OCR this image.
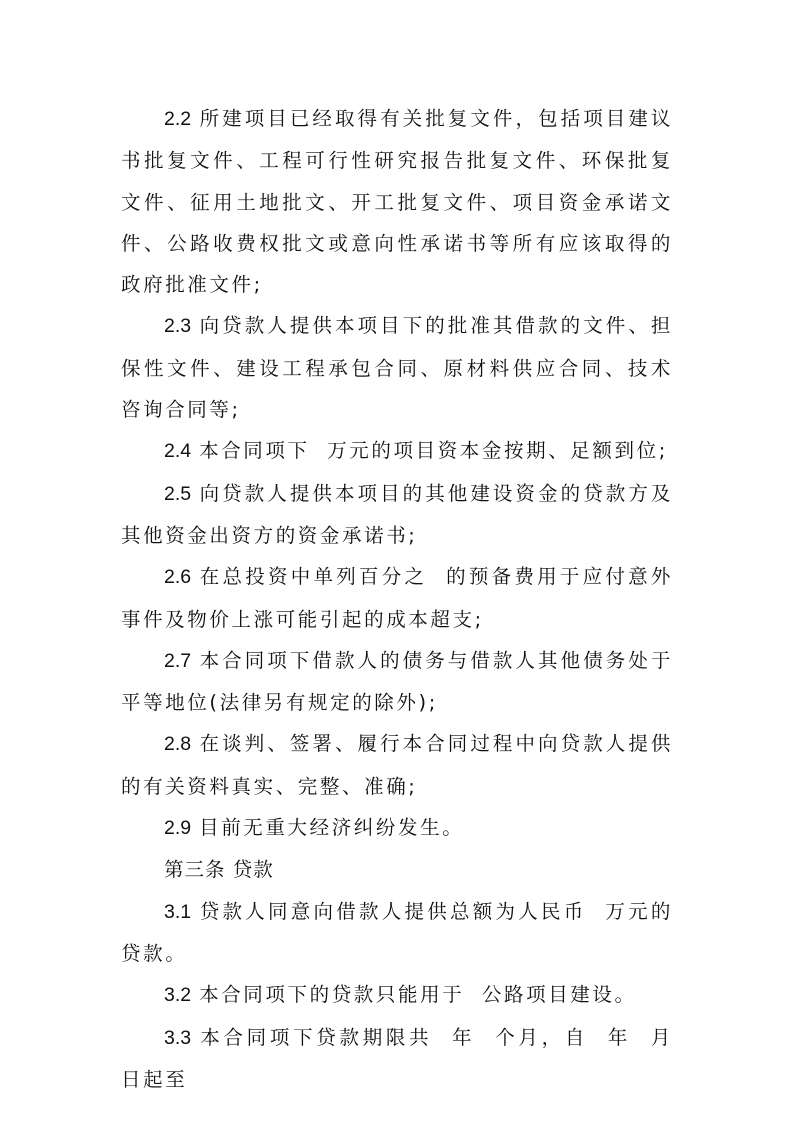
2.2 所建项目已经取得有关批复文件，包括项目建议书批复文件、工程可行性研究报告批复文件、环保批复文件、征用土地批文、开工批复文件、项目资金承诺文件、公路收费权批文或意向性承诺书等所有应该取得的政府批准文件;

2.3 向贷款人提供本项目下的批准其借款的文件、担保性文件、建设工程承包合同、原材料供应合同、技术咨询合同等;

2.4 本合同项下  万元的项目资本金按期、足额到位;

2.5 向贷款人提供本项目的其他建设资金的贷款方及其他资金出资方的资金承诺书;

2.6 在总投资中单列百分之  的预备费用于应付意外事件及物价上涨可能引起的成本超支;

2.7 本合同项下借款人的债务与借款人其他债务处于平等地位(法律另有规定的除外);

2.8 在谈判、签署、履行本合同过程中向贷款人提供的有关资料真实、完整、准确;

2.9 目前无重大经济纠纷发生。

第三条 贷款

3.1 贷款人同意向借款人提供总额为人民币  万元的贷款。

3.2 本合同项下的贷款只能用于  公路项目建设。

3.3 本合同项下贷款期限共  年  个月，自  年  月  日起至
